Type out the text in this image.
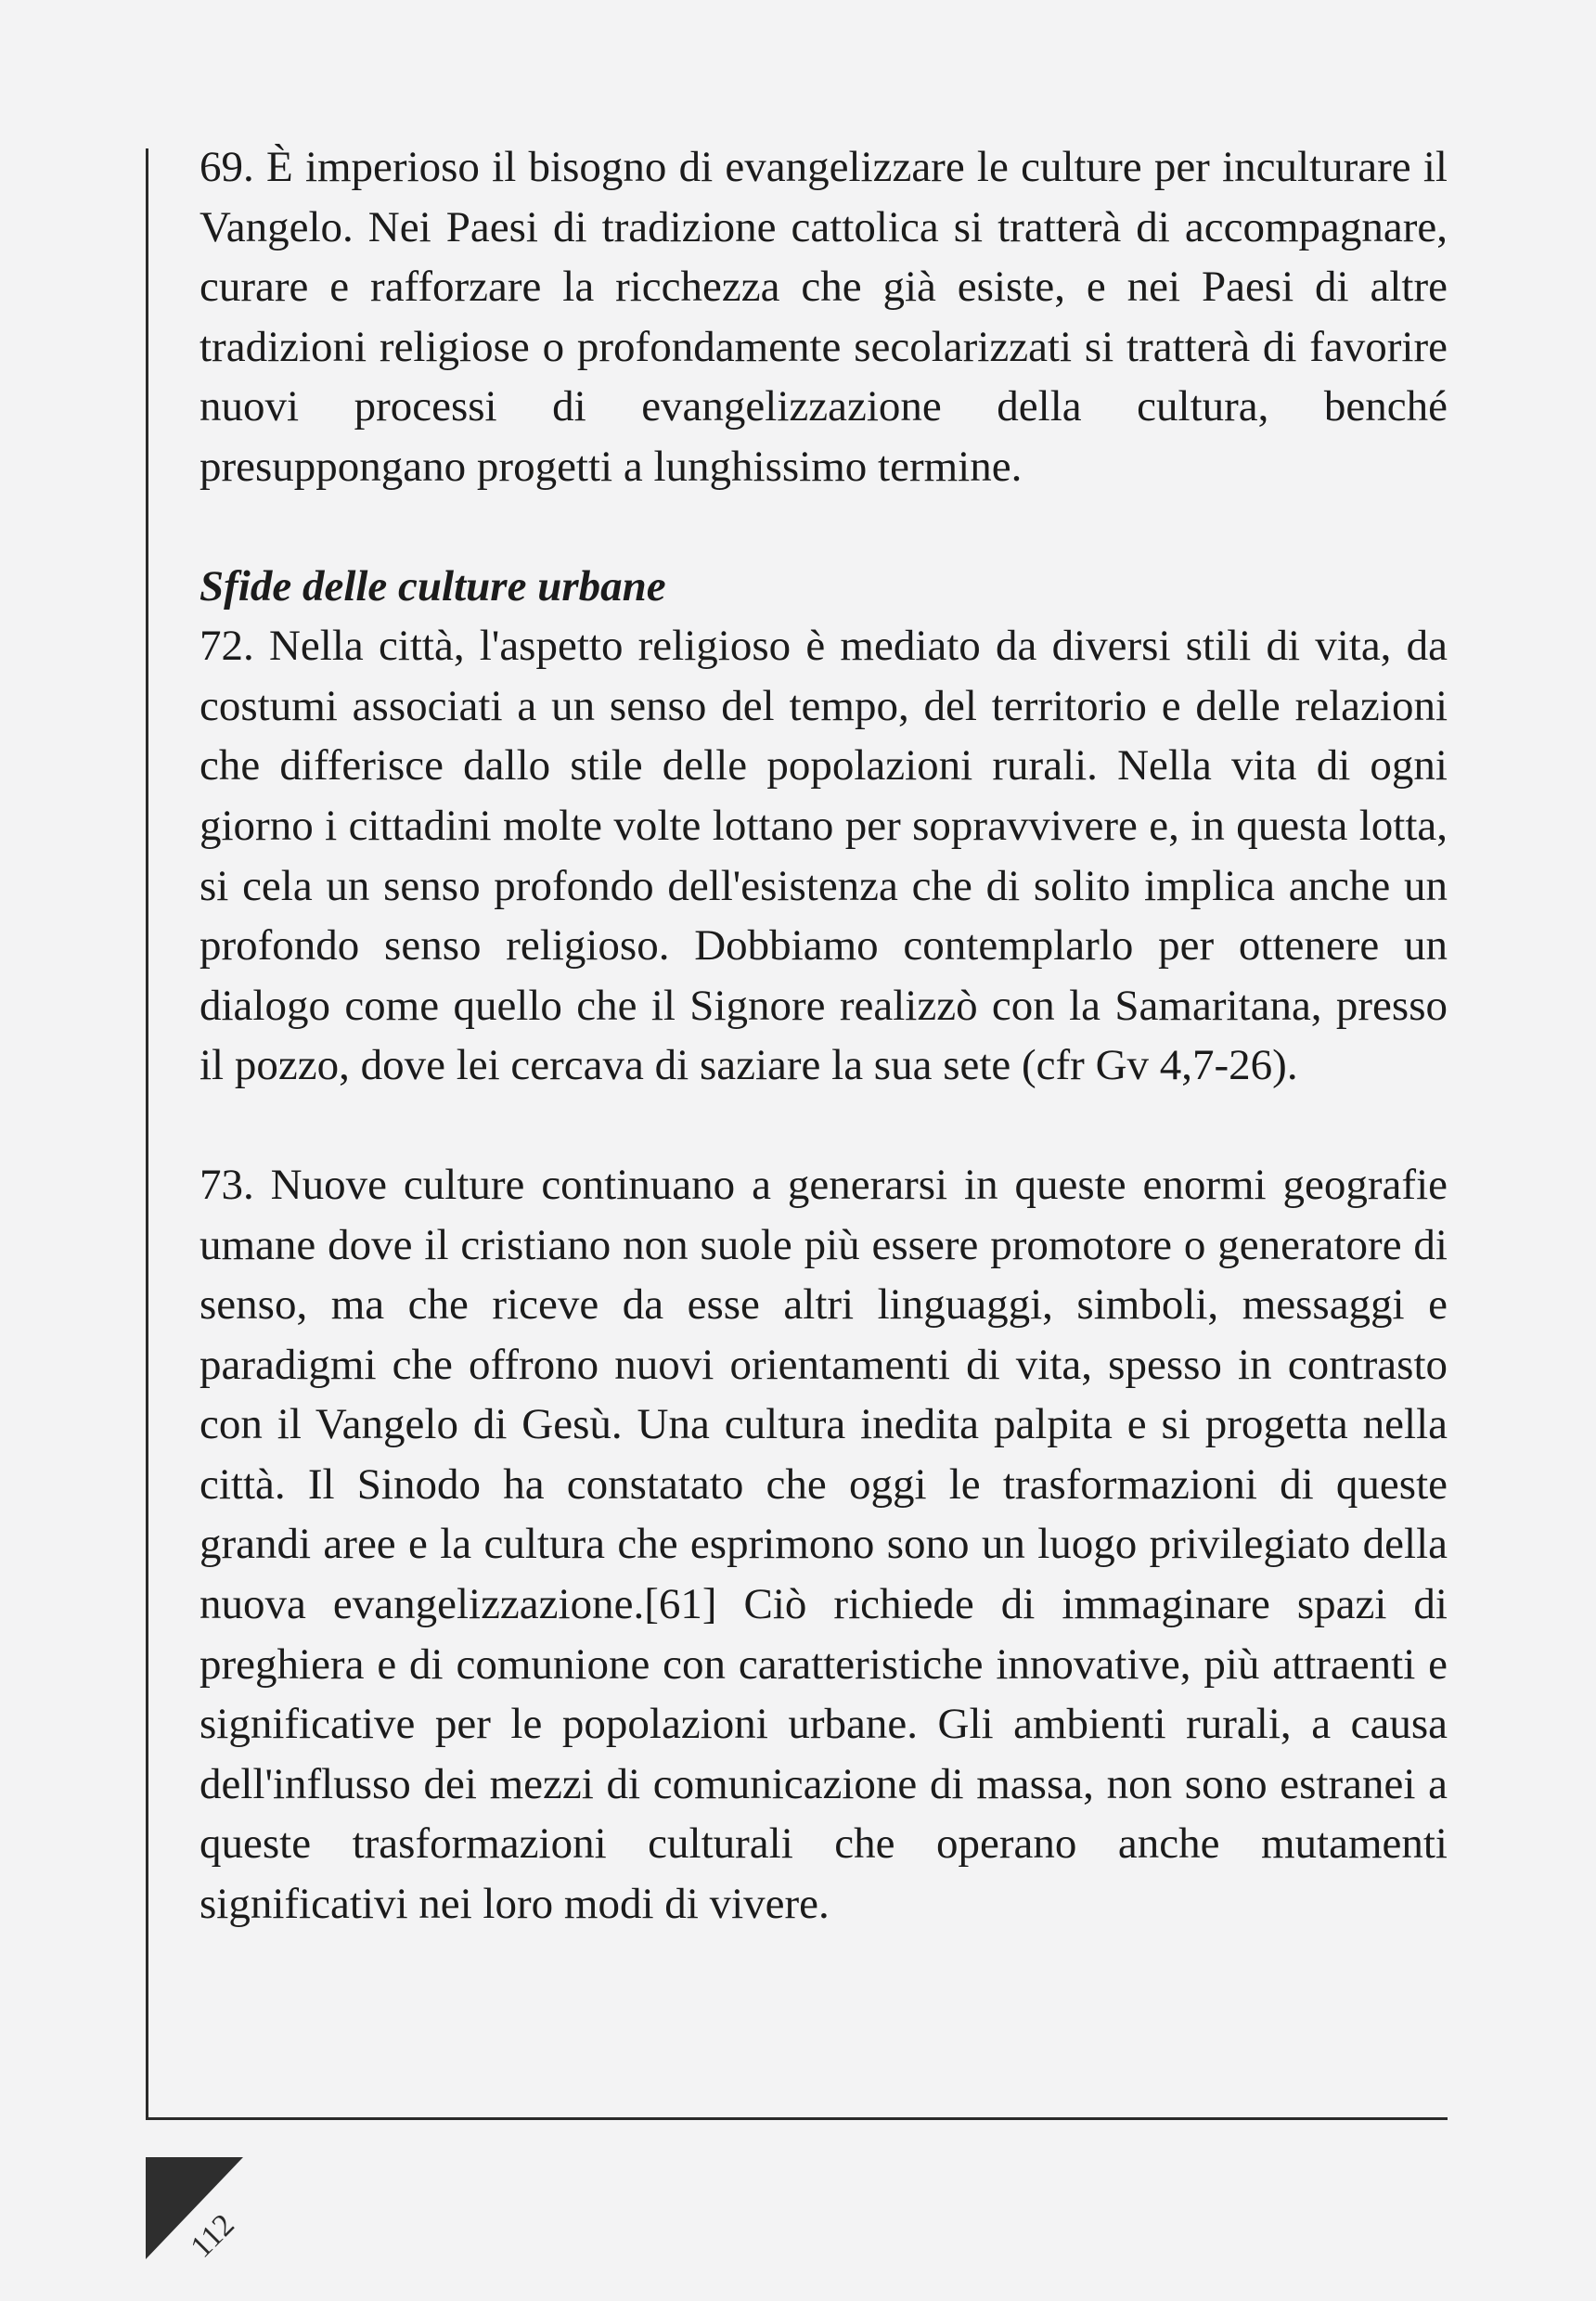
69. È imperioso il bisogno di evangelizzare le culture per inculturare il Vangelo. Nei Paesi di tradizione cattolica si tratterà di accompagnare, curare e rafforzare la ricchezza che già esiste, e nei Paesi di altre tradizioni religiose o profondamente secolarizzati si tratterà di favorire nuovi processi di evangelizzazione della cultura, benché presuppongano progetti a lunghissimo termine.

Sfide delle culture urbane

72. Nella città, l'aspetto religioso è mediato da diversi stili di vita, da costumi associati a un senso del tempo, del territorio e delle relazioni che differisce dallo stile delle popolazioni rurali. Nella vita di ogni giorno i cittadini molte volte lottano per sopravvivere e, in questa lotta, si cela un senso profondo dell'esistenza che di solito implica anche un profondo senso religioso. Dobbiamo contemplarlo per ottenere un dialogo come quello che il Signore realizzò con la Samaritana, presso il pozzo, dove lei cercava di saziare la sua sete (cfr Gv 4,7-26).

73. Nuove culture continuano a generarsi in queste enormi geografie umane dove il cristiano non suole più essere promotore o generatore di senso, ma che riceve da esse altri linguaggi, simboli, messaggi e paradigmi che offrono nuovi orientamenti di vita, spesso in contrasto con il Vangelo di Gesù. Una cultura inedita palpita e si progetta nella città. Il Sinodo ha constatato che oggi le trasformazioni di queste grandi aree e la cultura che esprimono sono un luogo privilegiato della nuova evangelizzazione.[61] Ciò richiede di immaginare spazi di preghiera e di comunione con caratteristiche innovative, più attraenti e significative per le popolazioni urbane. Gli ambienti rurali, a causa dell'influsso dei mezzi di comunicazione di massa, non sono estranei a queste trasformazioni culturali che operano anche mutamenti significativi nei loro modi di vivere.

112
